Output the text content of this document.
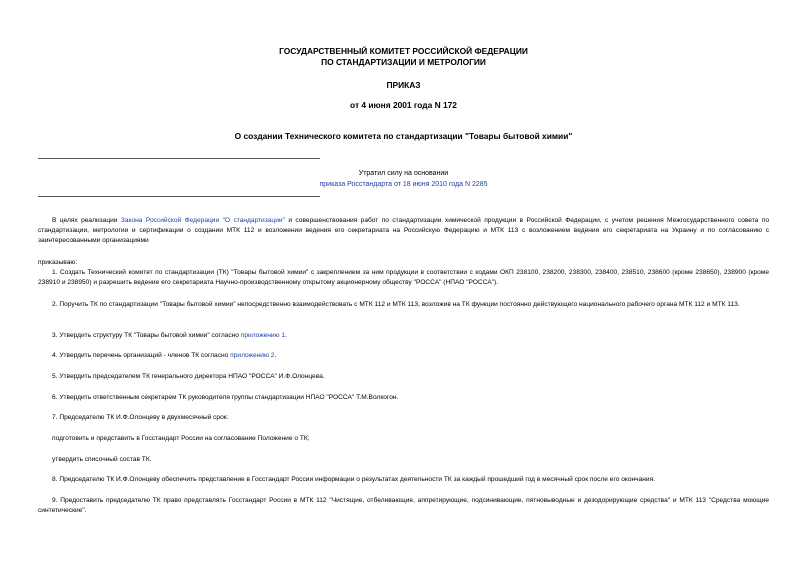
ГОСУДАРСТВЕННЫЙ КОМИТЕТ РОССИЙСКОЙ ФЕДЕРАЦИИ
ПО СТАНДАРТИЗАЦИИ И МЕТРОЛОГИИ
ПРИКАЗ
от 4 июня 2001 года N 172
О создании Технического комитета по стандартизации "Товары бытовой химии"
Утратил силу на основании
приказа Росстандарта от 18 июня 2010 года N 2285

В целях реализации Закона Российской Федерации "О стандартизации" и совершенствования работ по стандартизации химической продукции в Российской Федерации, с учетом решения Межгосударственного совета по стандартизации, метрологии и сертификации о создании МТК 112 и возложении ведения его секретариата на Российскую Федерацию и МТК 113 с возложением ведения его секретариата на Украину и по согласованию с заинтересованными организациями

приказываю:

1. Создать Технический комитет по стандартизации (ТК) "Товары бытовой химии" с закреплением за ним продукции в соответствии с кодами ОКП 238100, 238200, 238300, 238400, 238510, 238600 (кроме 238650), 238900 (кроме 238910 и 238950) и разрешить ведение его секретариата Научно-производственному открытому акционерному обществу "РОССА" (НПАО "РОССА").

2. Поручить ТК по стандартизации "Товары бытовой химии" непосредственно взаимодействовать с МТК 112 и МТК 113, возложив на ТК функции постоянно действующего национального рабочего органа МТК 112 и МТК 113.

3. Утвердить структуру ТК "Товары бытовой химии" согласно приложению 1.

4. Утвердить перечень организаций - членов ТК согласно приложению 2.

5. Утвердить председателем ТК генерального директора НПАО "РОССА" И.Ф.Олонцева.

6. Утвердить ответственным секретарем ТК руководителя группы стандартизации НПАО "РОССА" Т.М.Волкогон.

7. Председателю ТК И.Ф.Олонцеву в двухмесячный срок:

подготовить и представить в Госстандарт России на согласование Положение о ТК;

утвердить списочный состав ТК.

8. Председателю ТК И.Ф.Олонцеву обеспечить представление в Госстандарт России информации о результатах деятельности ТК за каждый прошедший год в месячный срок после его окончания.

9. Предоставить председателю ТК право представлять Госстандарт России в МТК 112 "Чистящие, отбеливающие, аппретирующие, подсинивающие, пятновыводные и дезодорирующие средства" и МТК 113 "Средства моющие синтетические".
